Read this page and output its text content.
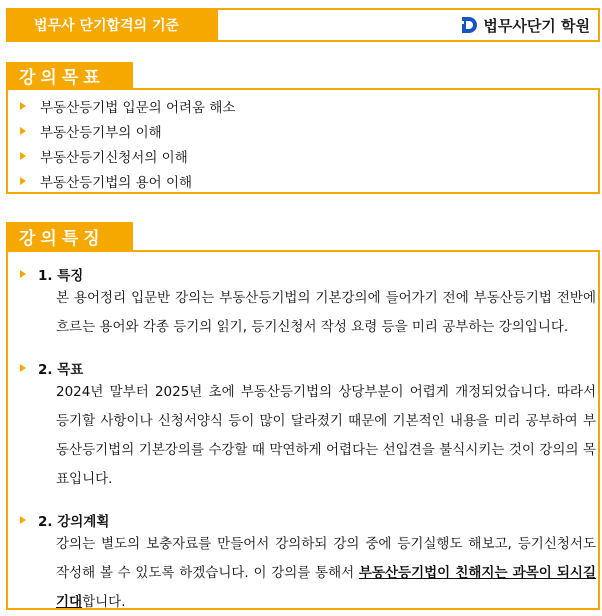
법무사 단기합격의 기준	법무사단기 학원
강의목표
부동산등기법 입문의 어려움 해소
부동산등기부의 이해
부동산등기신청서의 이해
부동산등기법의 용어 이해
강의특징
1. 특징
본 용어정리 입문반 강의는 부동산등기법의 기본강의에 들어가기 전에 부동산등기법 전반에 흐르는 용어와 각종 등기의 읽기, 등기신청서 작성 요령 등을 미리 공부하는 강의입니다.
2. 목표
2024년 말부터 2025년 초에 부동산등기법의 상당부분이 어렵게 개정되었습니다. 따라서 등기할 사항이나 신청서양식 등이 많이 달라졌기 때문에 기본적인 내용을 미리 공부하여 부동산등기법의 기본강의를 수강할 때 막연하게 어렵다는 선입견을 불식시키는 것이 강의의 목표입니다.
2. 강의계획
강의는 별도의 보충자료를 만들어서 강의하되 강의 중에 등기실행도 해보고, 등기신청서도 작성해 볼 수 있도록 하겠습니다. 이 강의를 통해서 부동산등기법이 친해지는 과목이 되시길 기대합니다.
